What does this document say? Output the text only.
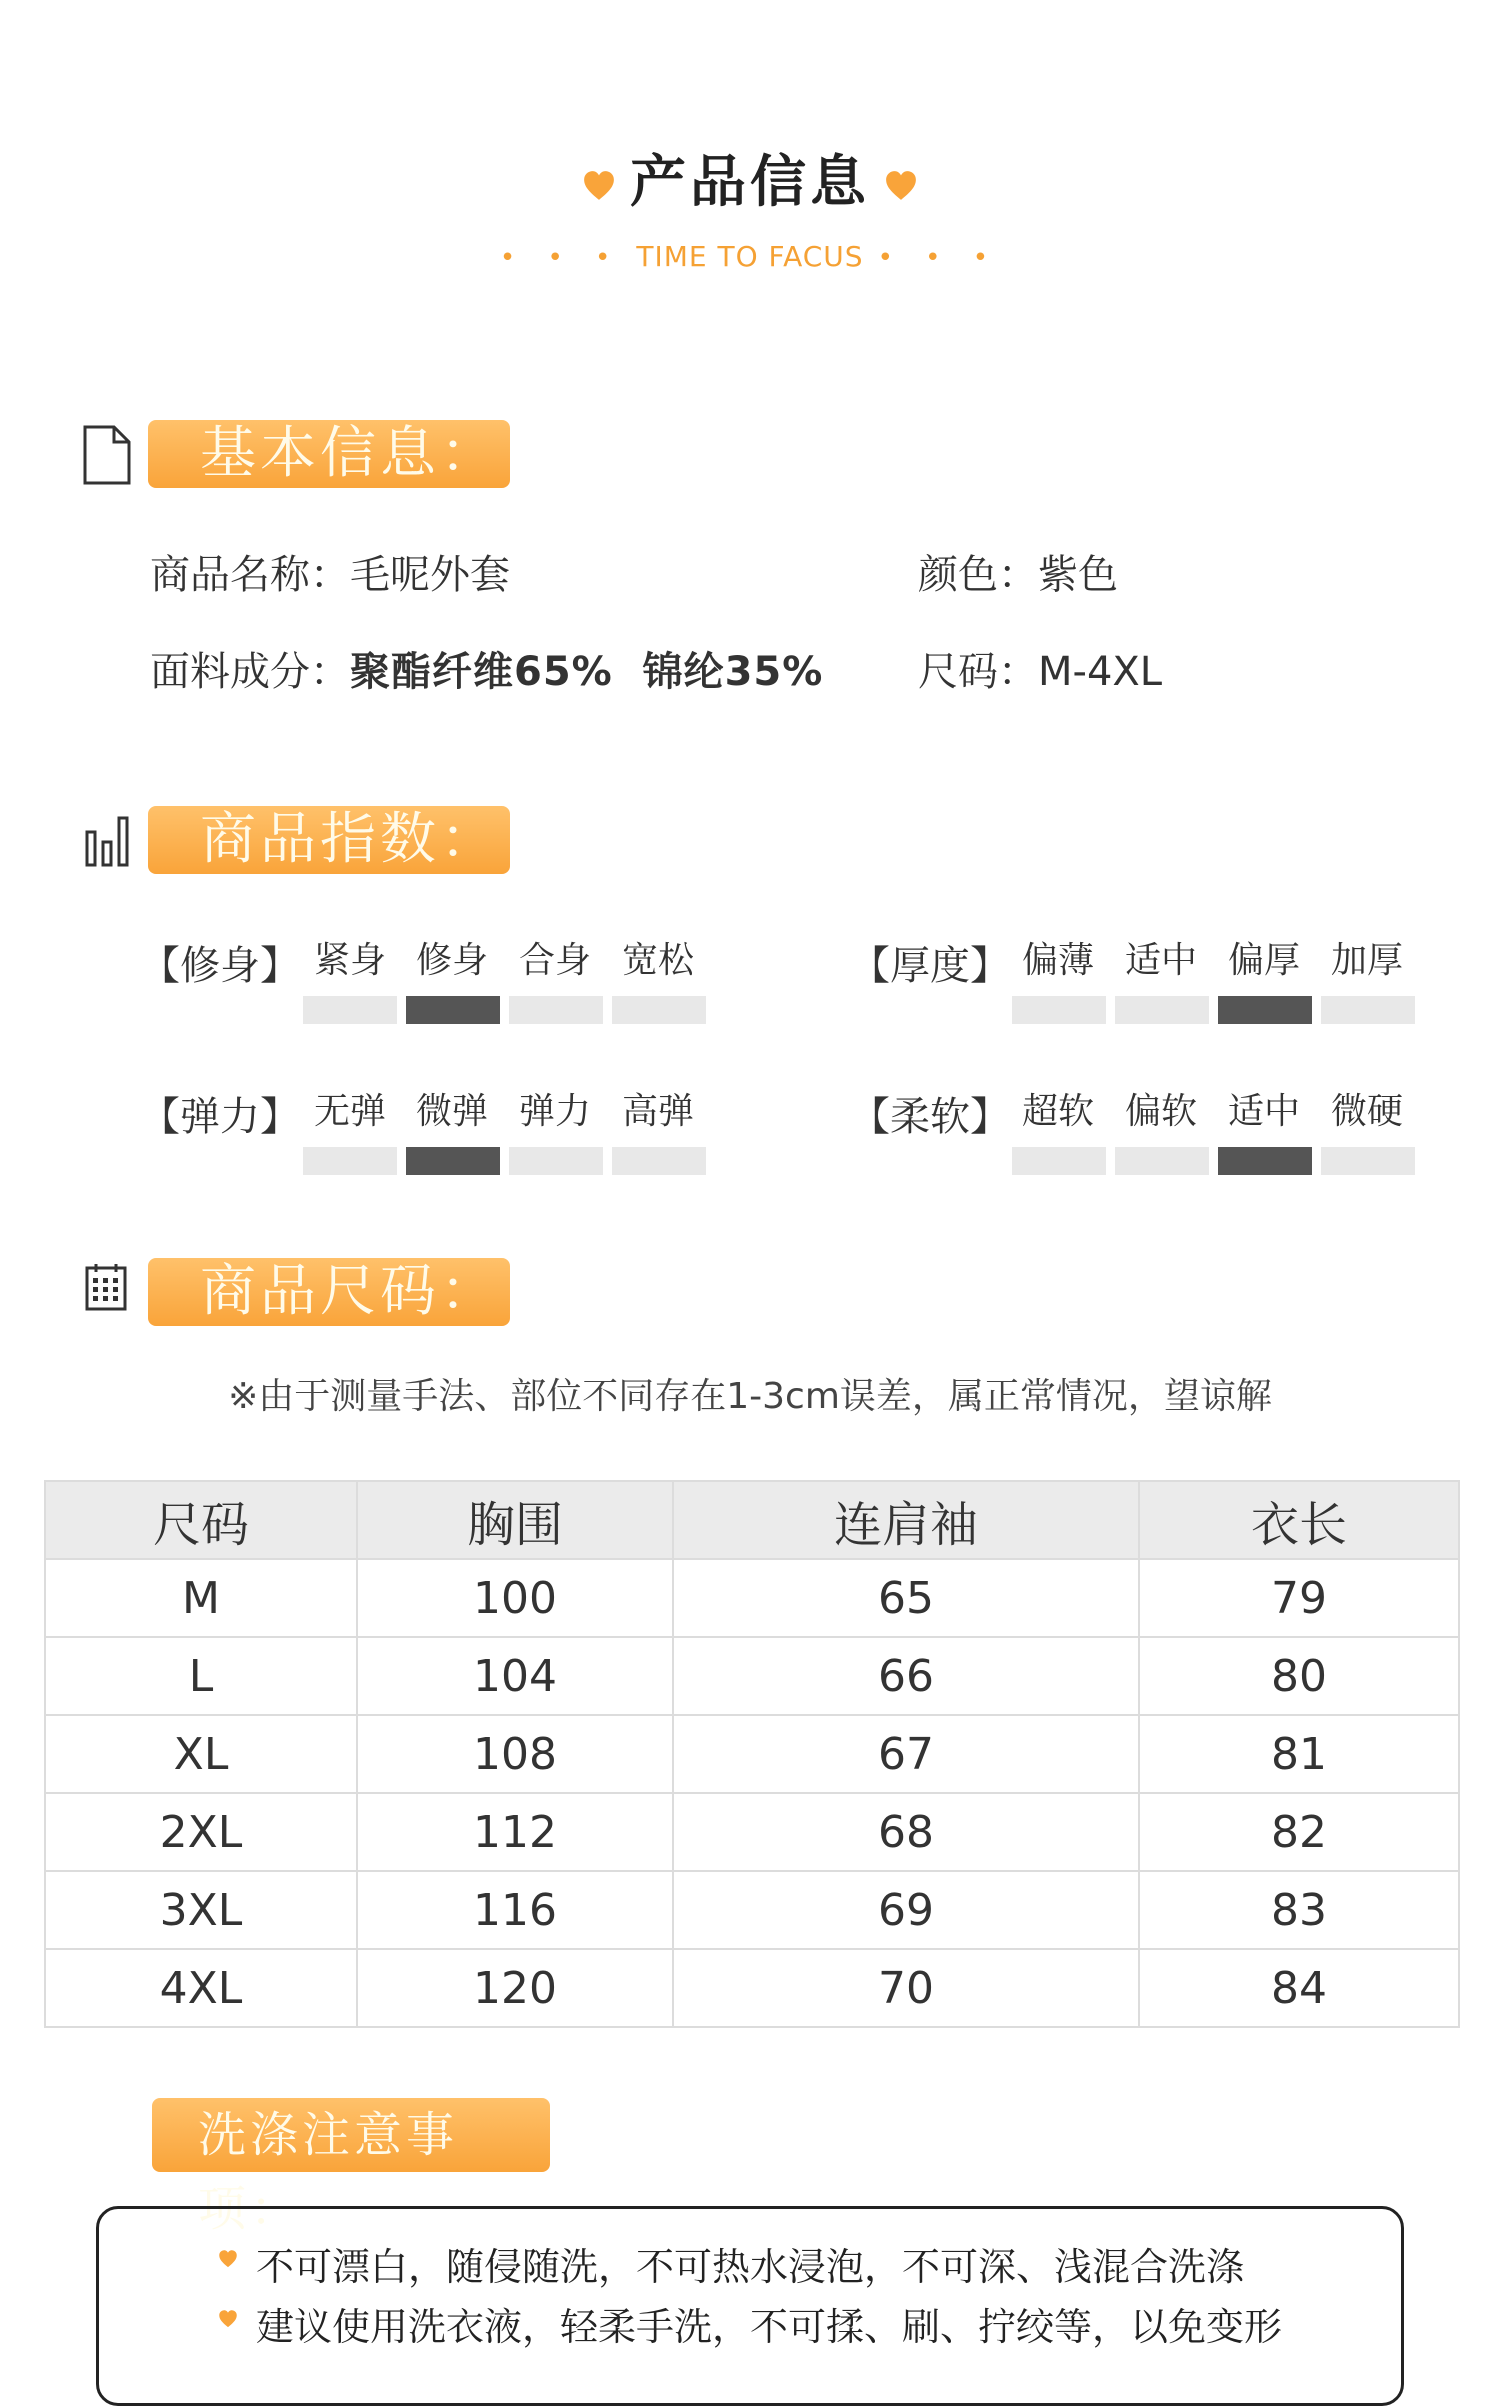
产品信息
• • • TIME TO FACUS • • •
基本信息：
商品名称：毛呢外套	颜色：紫色
面料成分：聚酯纤维65%  锦纶35% 尺码：M-4XL
商品指数：
【修身】 紧身 修身 合身 宽松	【厚度】 偏薄 适中 偏厚 加厚
【弹力】 无弹 微弹 弹力 高弹	【柔软】 超软 偏软 适中 微硬
商品尺码：
※由于测量手法、部位不同存在1-3cm误差，属正常情况，望谅解
尺码	胸围	连肩袖	衣长
M	100	65	79
L	104	66	80
XL	108	67	81
2XL	112	68	82
3XL	116	69	83
4XL	120	70	84
洗涤注意事项：
不可漂白，随侵随洗，不可热水浸泡，不可深、浅混合洗涤
建议使用洗衣液，轻柔手洗，不可揉、刷、拧绞等，以免变形
